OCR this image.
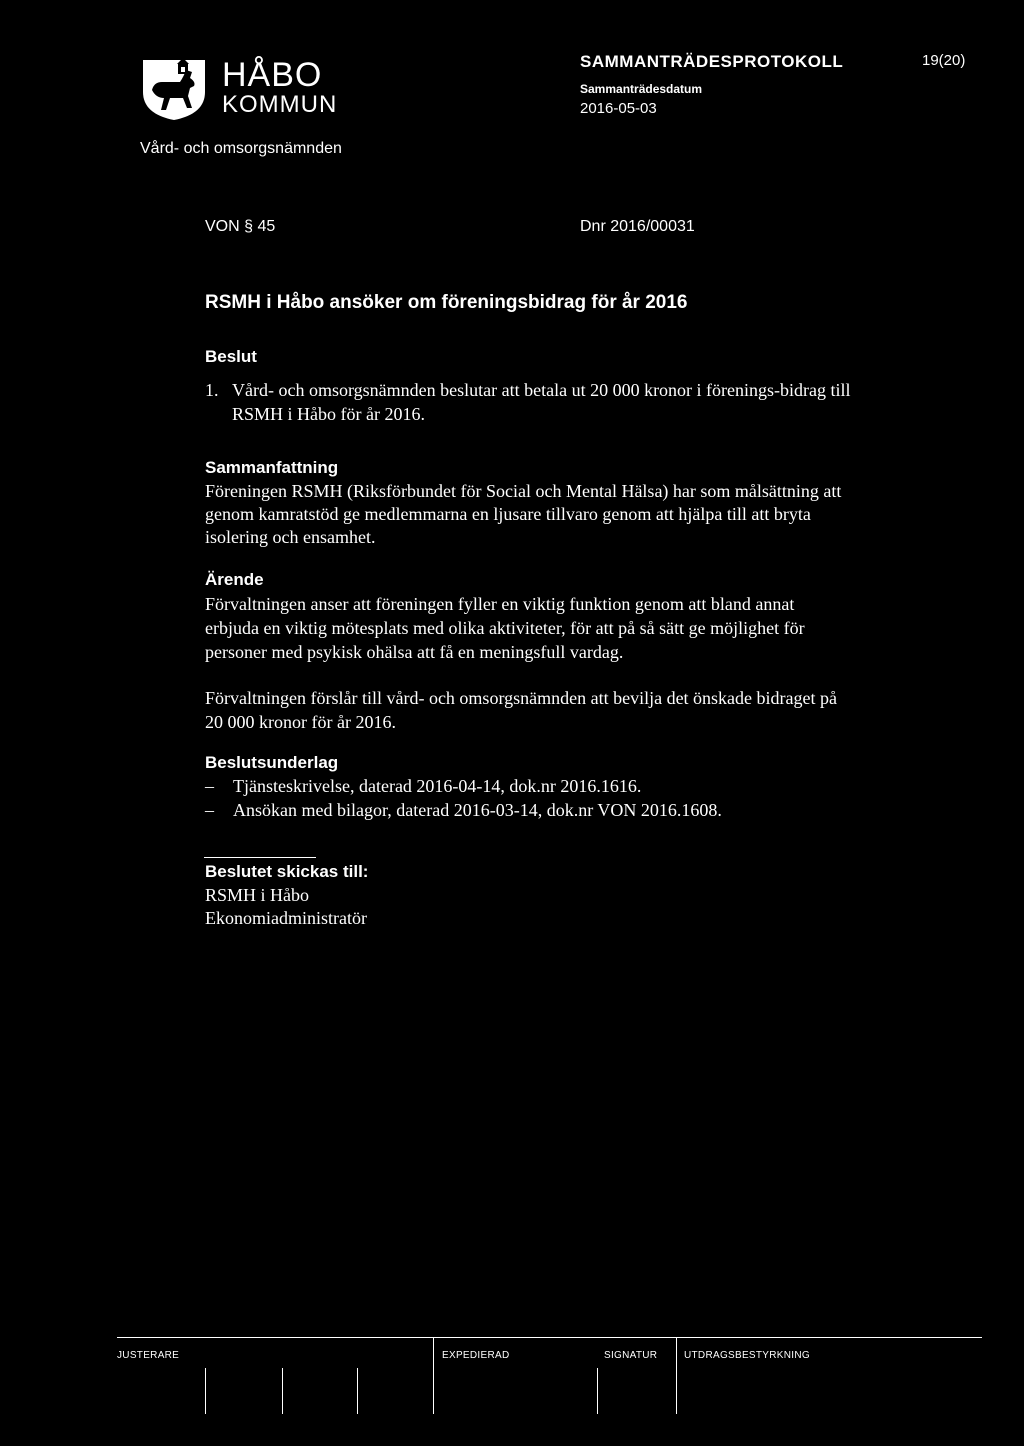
HÅBO
KOMMUN
Vård- och omsorgsnämnden
SAMMANTRÄDESPROTOKOLL
Sammanträdesdatum
2016-05-03
19(20)
VON § 45	Dnr 2016/00031
RSMH i Håbo ansöker om föreningsbidrag för år 2016
Beslut
1. Vård- och omsorgsnämnden beslutar att betala ut 20 000 kronor i förenings-bidrag till RSMH i Håbo för år 2016.
Sammanfattning
Föreningen RSMH (Riksförbundet för Social och Mental Hälsa) har som målsättning att genom kamratstöd ge medlemmarna en ljusare tillvaro genom att hjälpa till att bryta isolering och ensamhet.
Ärende
Förvaltningen anser att föreningen fyller en viktig funktion genom att bland annat erbjuda en viktig mötesplats med olika aktiviteter, för att på så sätt ge möjlighet för personer med psykisk ohälsa att få en meningsfull vardag.
Förvaltningen förslår till vård- och omsorgsnämnden att bevilja det önskade bidraget på 20 000 kronor för år 2016.
Beslutsunderlag
– Tjänsteskrivelse, daterad 2016-04-14, dok.nr 2016.1616.
– Ansökan med bilagor, daterad 2016-03-14, dok.nr VON 2016.1608.
Beslutet skickas till:
RSMH i Håbo
Ekonomiadministratör
JUSTERARE	EXPEDIERAD	SIGNATUR	UTDRAGSBESTYRKNING
